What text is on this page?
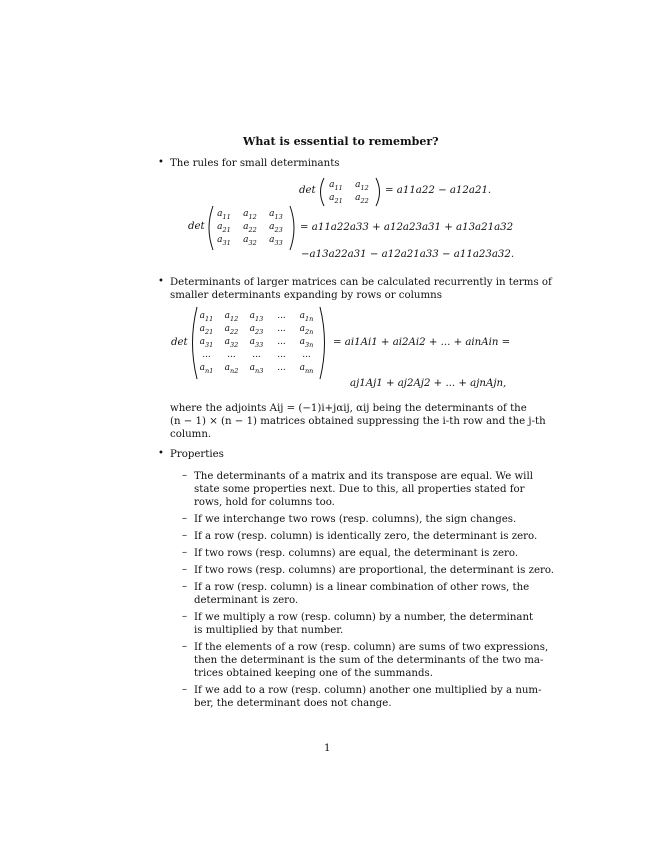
What is essential to remember?
• The rules for small determinants
det	$a_{11}$	$a_{12}$
$a_{21}$	$a_{22}$
= a11a22 − a12a21.
det
$a_{11}$	$a_{12}$	$a_{13}$
$a_{21}$	$a_{22}$	$a_{23}$
$a_{31}$	$a_{32}$	$a_{33}$
= a11a22a33 + a12a23a31 + a13a21a32
−a13a22a31 − a12a21a33 − a11a23a32.
• Determinants of larger matrices can be calculated recurrently in terms of
smaller determinants expanding by rows or columns
det
$a_{11}$	$a_{12}$	$a_{13}$	...	$a_{1n}$
$a_{21}$	$a_{22}$	$a_{23}$	...	$a_{2n}$
$a_{31}$	$a_{32}$	$a_{33}$	...	$a_{3n}$
...	...	...	...	...
$a_{n1}$	$a_{n2}$	$a_{n3}$	...	$a_{nn}$
= ai1Ai1 + ai2Ai2 + ... + ainAin =
aj1Aj1 + aj2Aj2 + ... + ajnAjn,
where the adjoints Aij = (−1)i+jαij, αij being the determinants of the
(n − 1) × (n − 1) matrices obtained suppressing the i-th row and the j-th
column.
• Properties
– The determinants of a matrix and its transpose are equal. We will
state some properties next. Due to this, all properties stated for
rows, hold for columns too.
– If we interchange two rows (resp. columns), the sign changes.
– If a row (resp. column) is identically zero, the determinant is zero.
– If two rows (resp. columns) are equal, the determinant is zero.
– If two rows (resp. columns) are proportional, the determinant is zero.
– If a row (resp. column) is a linear combination of other rows, the
determinant is zero.
– If we multiply a row (resp. column) by a number, the determinant
is multiplied by that number.
– If the elements of a row (resp. column) are sums of two expressions,
then the determinant is the sum of the determinants of the two ma-
trices obtained keeping one of the summands.
– If we add to a row (resp. column) another one multiplied by a num-
ber, the determinant does not change.
1
